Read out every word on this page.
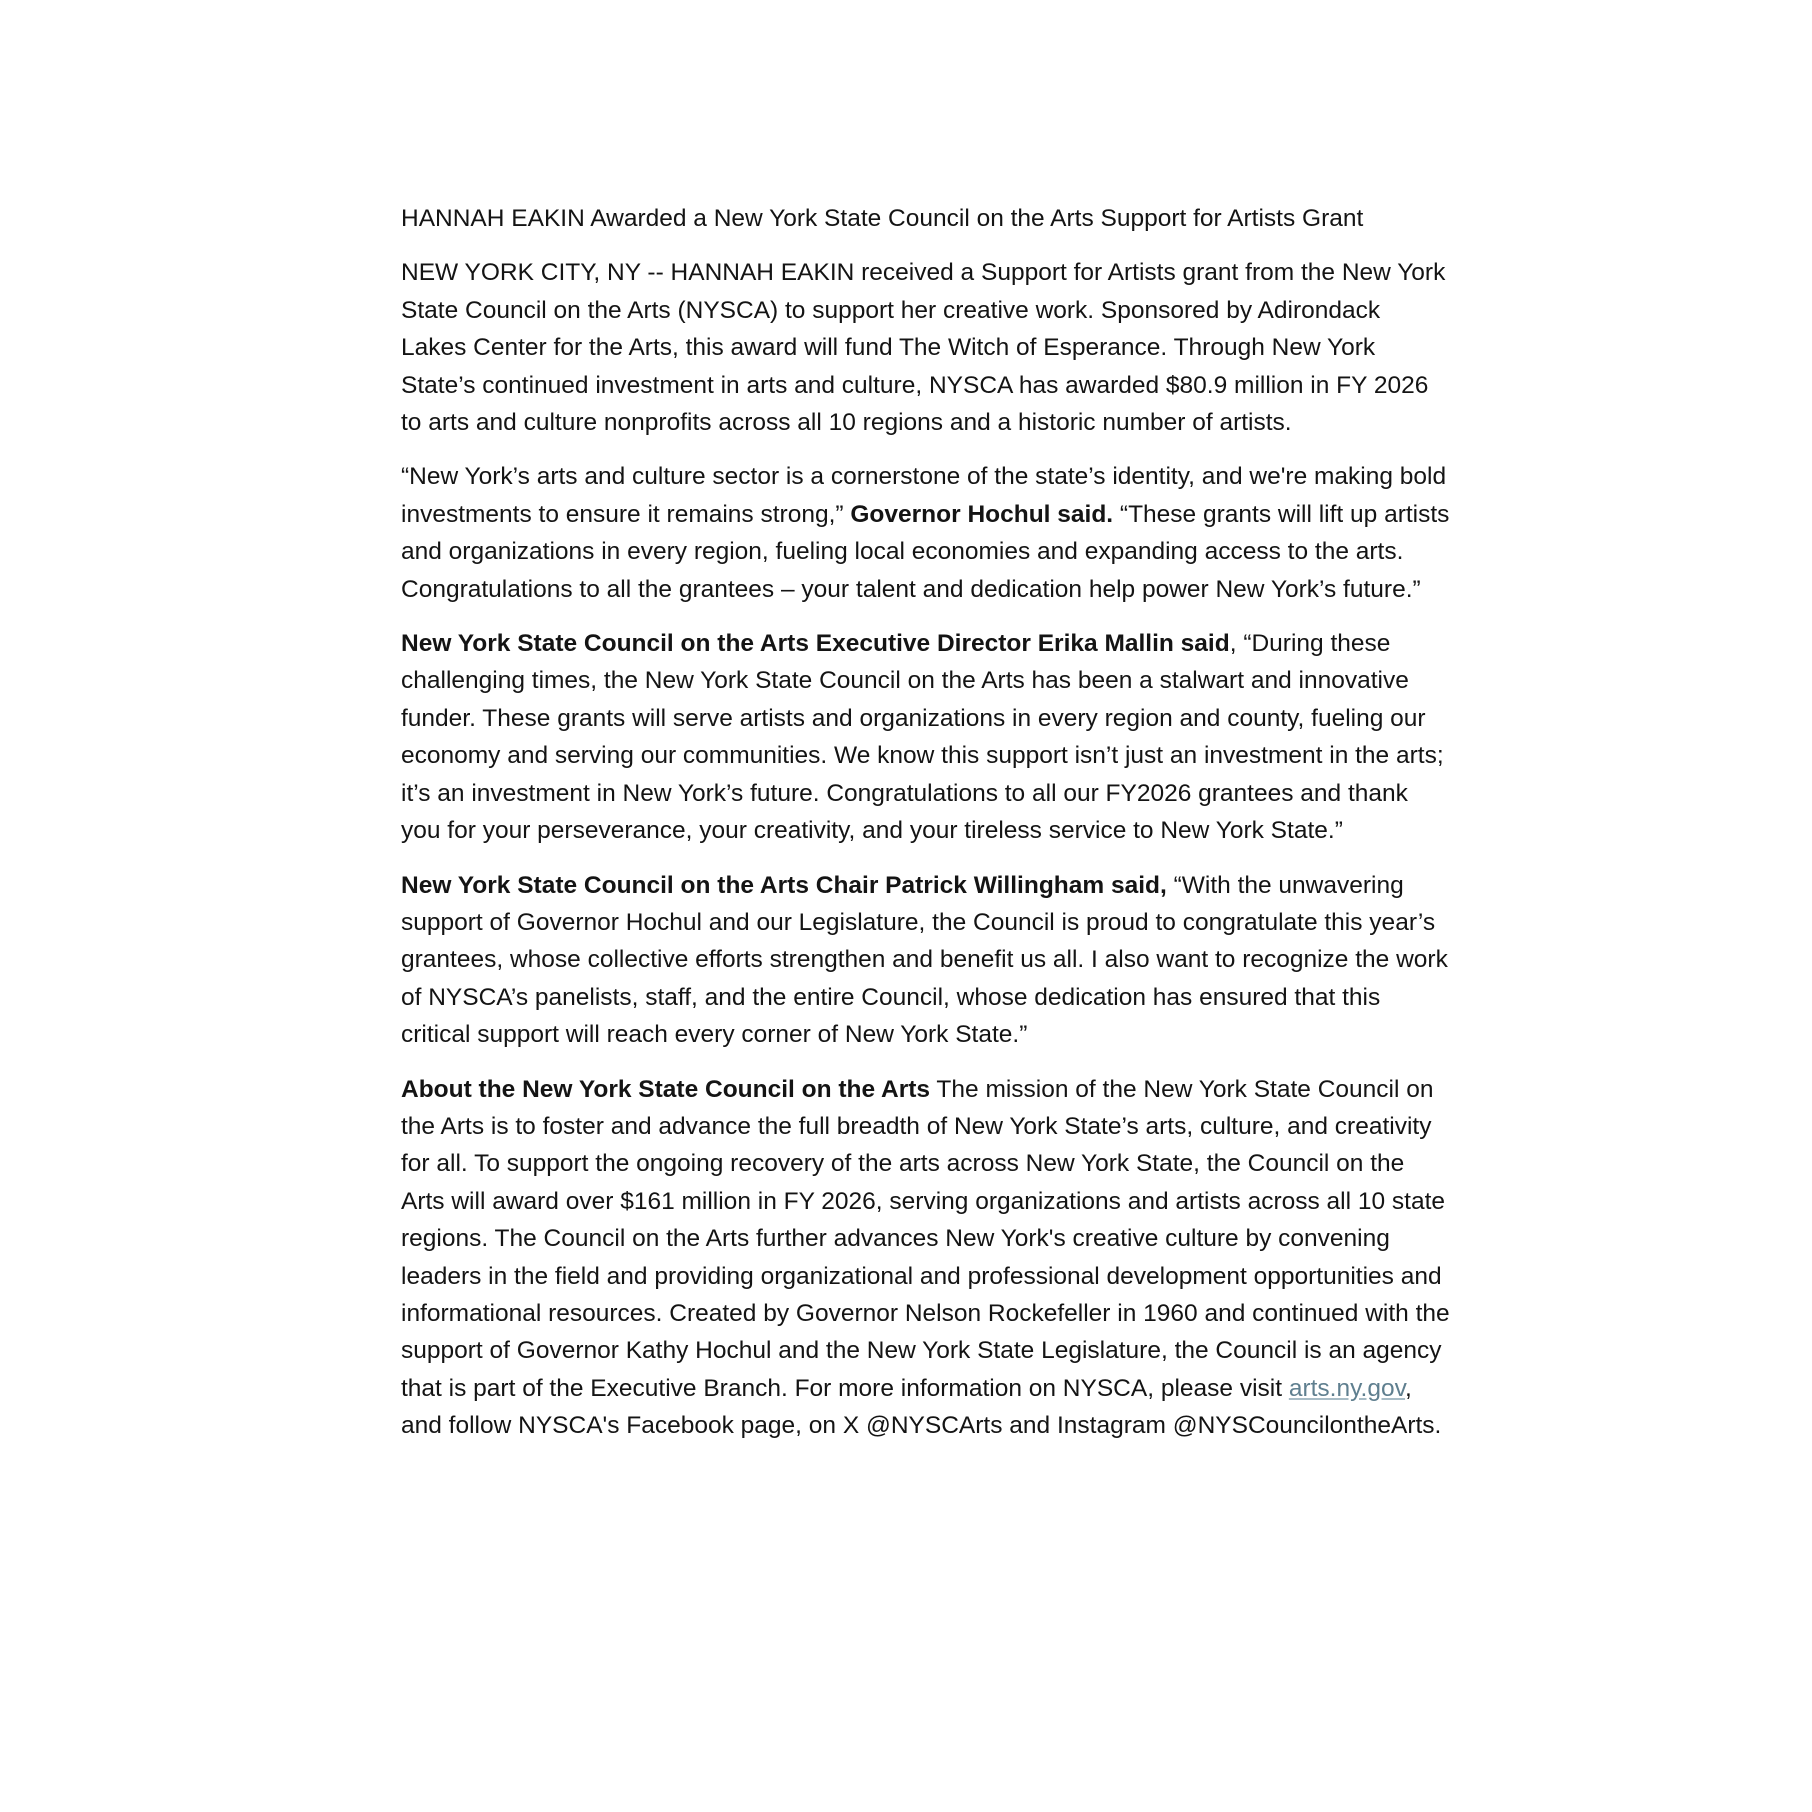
HANNAH EAKIN Awarded a New York State Council on the Arts Support for Artists Grant

NEW YORK CITY, NY -- HANNAH EAKIN received a Support for Artists grant from the New York State Council on the Arts (NYSCA) to support her creative work. Sponsored by Adirondack Lakes Center for the Arts, this award will fund The Witch of Esperance. Through New York State’s continued investment in arts and culture, NYSCA has awarded $80.9 million in FY 2026 to arts and culture nonprofits across all 10 regions and a historic number of artists.

“New York’s arts and culture sector is a cornerstone of the state’s identity, and we're making bold investments to ensure it remains strong,” Governor Hochul said. “These grants will lift up artists and organizations in every region, fueling local economies and expanding access to the arts. Congratulations to all the grantees – your talent and dedication help power New York’s future.”

New York State Council on the Arts Executive Director Erika Mallin said, “During these challenging times, the New York State Council on the Arts has been a stalwart and innovative funder. These grants will serve artists and organizations in every region and county, fueling our economy and serving our communities. We know this support isn’t just an investment in the arts; it’s an investment in New York’s future. Congratulations to all our FY2026 grantees and thank you for your perseverance, your creativity, and your tireless service to New York State.”

New York State Council on the Arts Chair Patrick Willingham said, “With the unwavering support of Governor Hochul and our Legislature, the Council is proud to congratulate this year’s grantees, whose collective efforts strengthen and benefit us all. I also want to recognize the work of NYSCA’s panelists, staff, and the entire Council, whose dedication has ensured that this critical support will reach every corner of New York State.”

About the New York State Council on the Arts The mission of the New York State Council on the Arts is to foster and advance the full breadth of New York State’s arts, culture, and creativity for all. To support the ongoing recovery of the arts across New York State, the Council on the Arts will award over $161 million in FY 2026, serving organizations and artists across all 10 state regions. The Council on the Arts further advances New York's creative culture by convening leaders in the field and providing organizational and professional development opportunities and informational resources. Created by Governor Nelson Rockefeller in 1960 and continued with the support of Governor Kathy Hochul and the New York State Legislature, the Council is an agency that is part of the Executive Branch. For more information on NYSCA, please visit arts.ny.gov, and follow NYSCA's Facebook page, on X @NYSCArts and Instagram @NYSCouncilontheArts.
